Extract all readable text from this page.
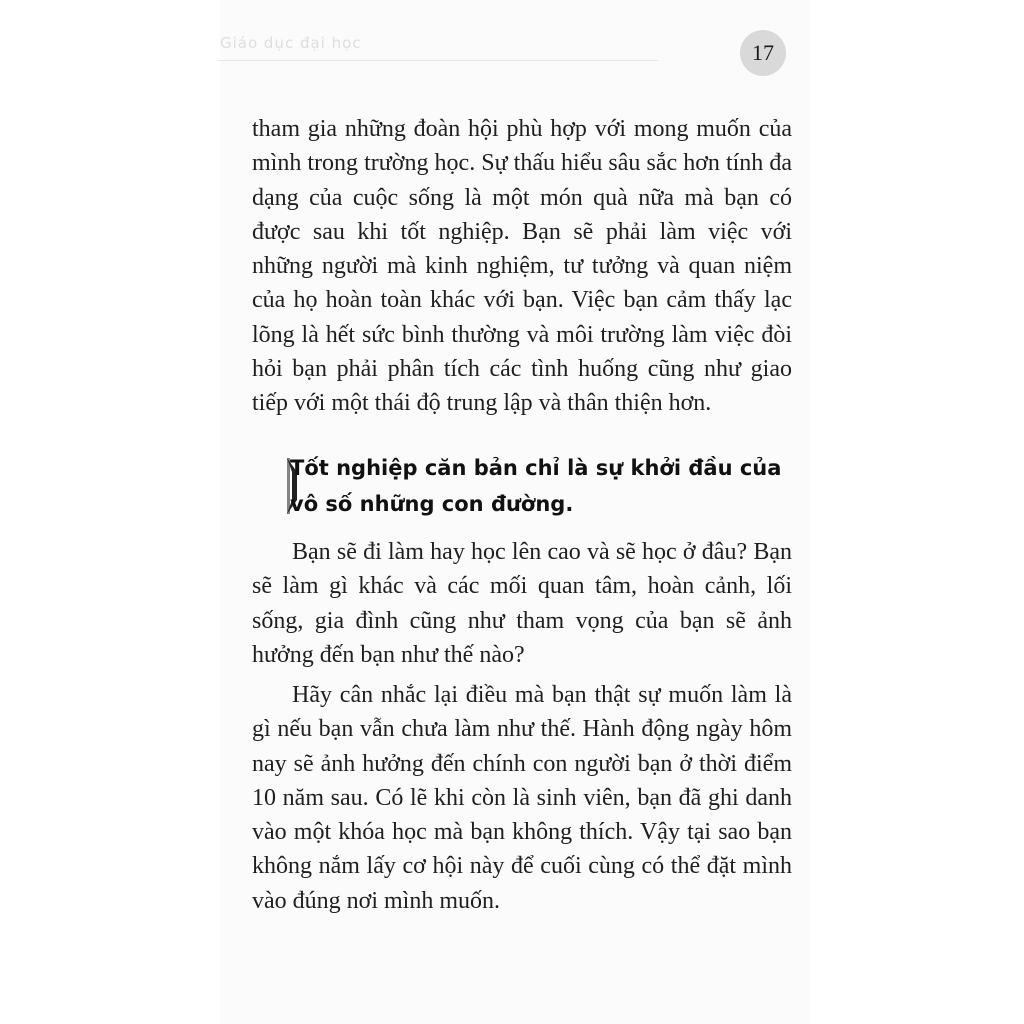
Giáo dục đại học	17
tham gia những đoàn hội phù hợp với mong muốn của mình trong trường học. Sự thấu hiểu sâu sắc hơn tính đa dạng của cuộc sống là một món quà nữa mà bạn có được sau khi tốt nghiệp. Bạn sẽ phải làm việc với những người mà kinh nghiệm, tư tưởng và quan niệm của họ hoàn toàn khác với bạn. Việc bạn cảm thấy lạc lõng là hết sức bình thường và môi trường làm việc đòi hỏi bạn phải phân tích các tình huống cũng như giao tiếp với một thái độ trung lập và thân thiện hơn.
Tốt nghiệp căn bản chỉ là sự khởi đầu của vô số những con đường.
Bạn sẽ đi làm hay học lên cao và sẽ học ở đâu? Bạn sẽ làm gì khác và các mối quan tâm, hoàn cảnh, lối sống, gia đình cũng như tham vọng của bạn sẽ ảnh hưởng đến bạn như thế nào?
Hãy cân nhắc lại điều mà bạn thật sự muốn làm là gì nếu bạn vẫn chưa làm như thế. Hành động ngày hôm nay sẽ ảnh hưởng đến chính con người bạn ở thời điểm 10 năm sau. Có lẽ khi còn là sinh viên, bạn đã ghi danh vào một khóa học mà bạn không thích. Vậy tại sao bạn không nắm lấy cơ hội này để cuối cùng có thể đặt mình vào đúng nơi mình muốn.
